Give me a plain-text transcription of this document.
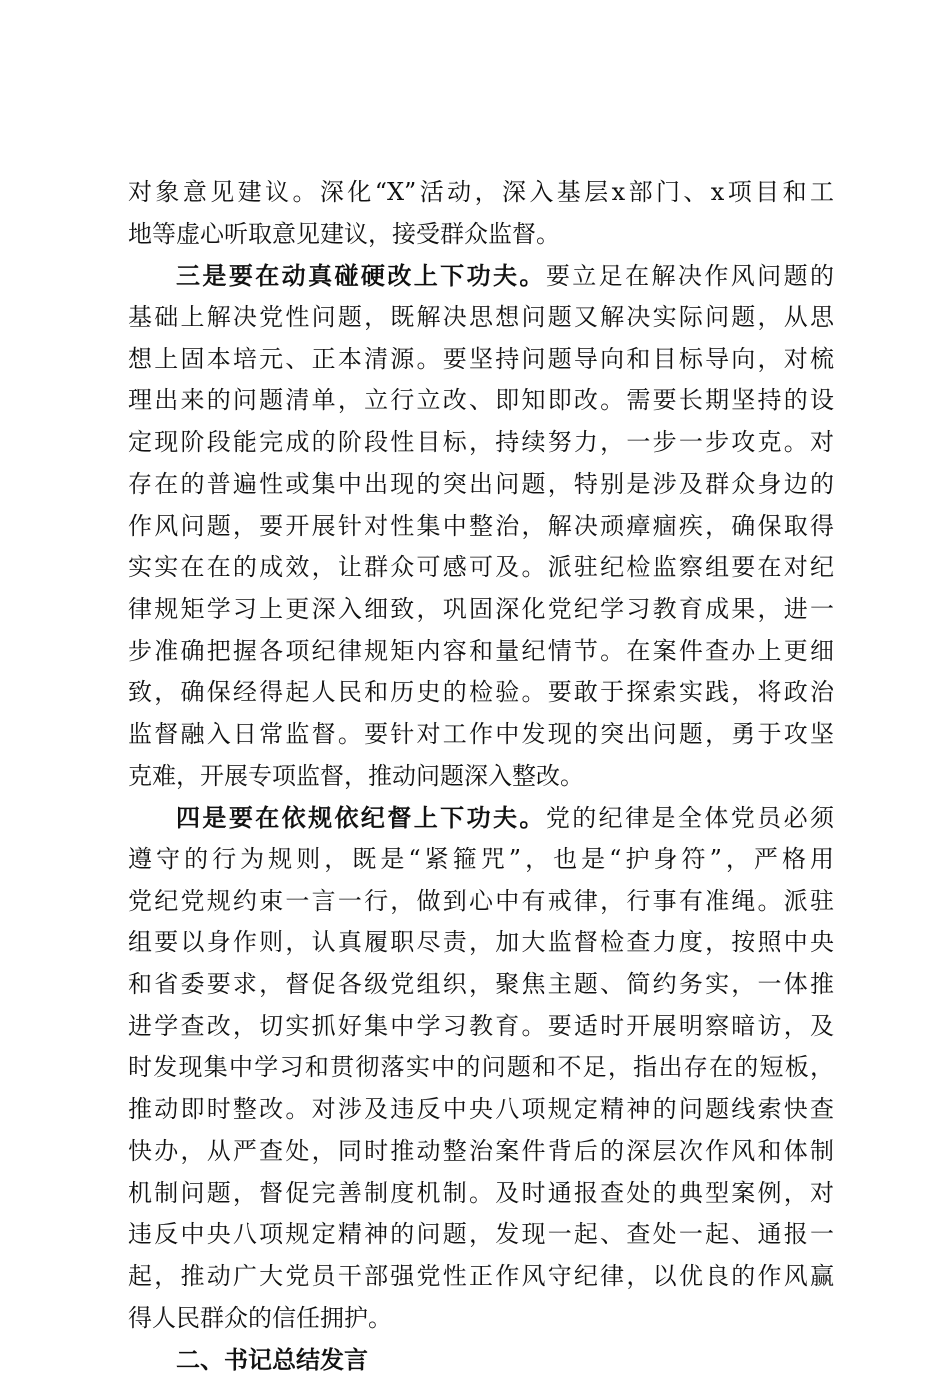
对象意见建议。深化“X”活动，深入基层x部门、x项目和工
地等虚心听取意见建议，接受群众监督。
三是要在动真碰硬改上下功夫。要立足在解决作风问题的
基础上解决党性问题，既解决思想问题又解决实际问题，从思
想上固本培元、正本清源。要坚持问题导向和目标导向，对梳
理出来的问题清单，立行立改、即知即改。需要长期坚持的设
定现阶段能完成的阶段性目标，持续努力，一步一步攻克。对
存在的普遍性或集中出现的突出问题，特别是涉及群众身边的
作风问题，要开展针对性集中整治，解决顽瘴痼疾，确保取得
实实在在的成效，让群众可感可及。派驻纪检监察组要在对纪
律规矩学习上更深入细致，巩固深化党纪学习教育成果，进一
步准确把握各项纪律规矩内容和量纪情节。在案件查办上更细
致，确保经得起人民和历史的检验。要敢于探索实践，将政治
监督融入日常监督。要针对工作中发现的突出问题，勇于攻坚
克难，开展专项监督，推动问题深入整改。
四是要在依规依纪督上下功夫。党的纪律是全体党员必须
遵守的行为规则，既是“紧箍咒”，也是“护身符”，严格用
党纪党规约束一言一行，做到心中有戒律，行事有准绳。派驻
组要以身作则，认真履职尽责，加大监督检查力度，按照中央
和省委要求，督促各级党组织，聚焦主题、简约务实，一体推
进学查改，切实抓好集中学习教育。要适时开展明察暗访，及
时发现集中学习和贯彻落实中的问题和不足，指出存在的短板，
推动即时整改。对涉及违反中央八项规定精神的问题线索快查
快办，从严查处，同时推动整治案件背后的深层次作风和体制
机制问题，督促完善制度机制。及时通报查处的典型案例，对
违反中央八项规定精神的问题，发现一起、查处一起、通报一
起，推动广大党员干部强党性正作风守纪律，以优良的作风赢
得人民群众的信任拥护。
二、书记总结发言
